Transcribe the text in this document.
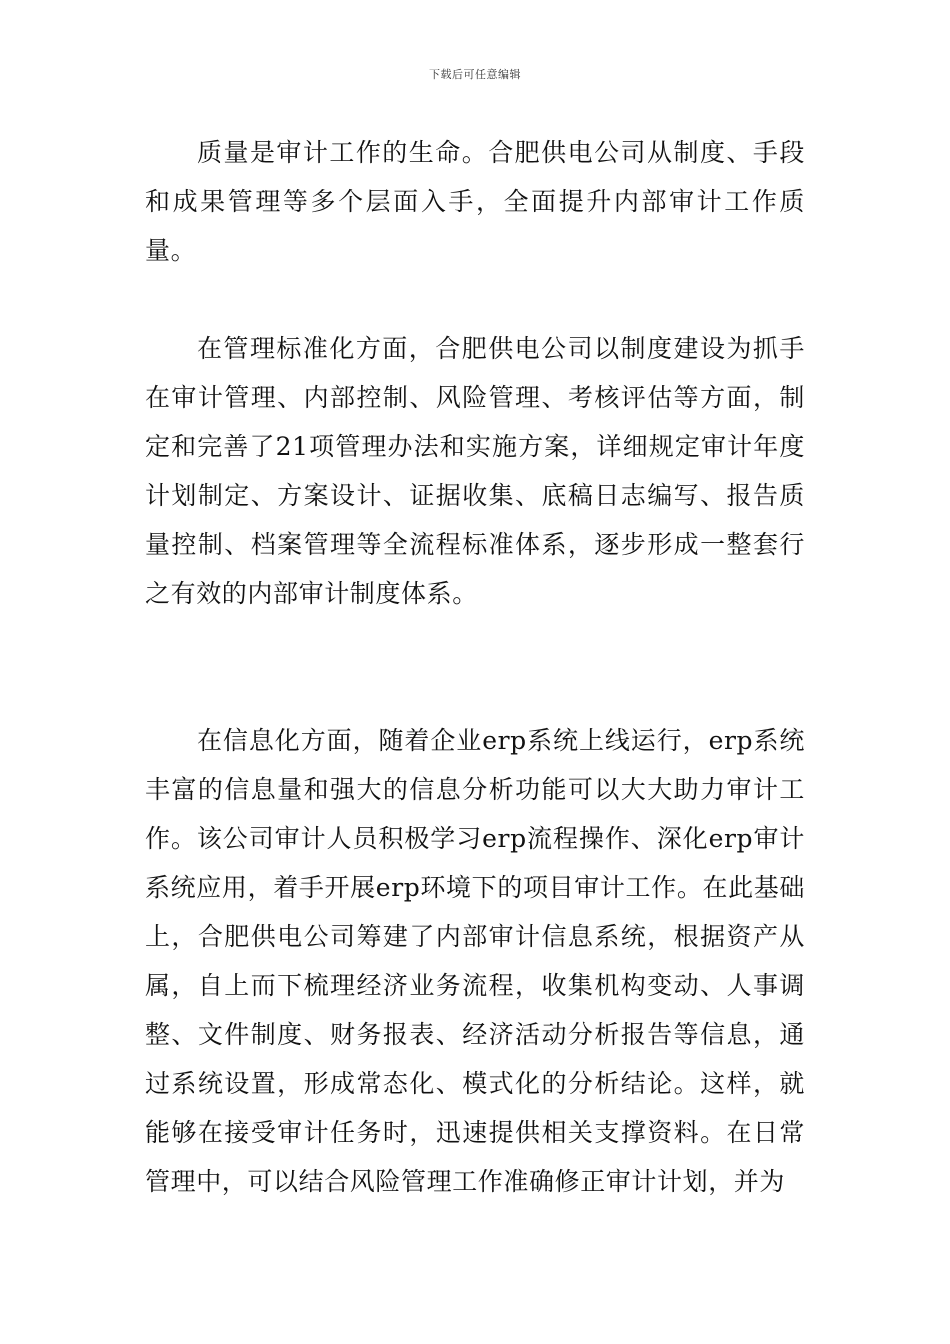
下载后可任意编辑

质量是审计工作的生命。合肥供电公司从制度、手段和成果管理等多个层面入手，全面提升内部审计工作质量。

在管理标准化方面，合肥供电公司以制度建设为抓手在审计管理、内部控制、风险管理、考核评估等方面，制定和完善了21项管理办法和实施方案，详细规定审计年度计划制定、方案设计、证据收集、底稿日志编写、报告质量控制、档案管理等全流程标准体系，逐步形成一整套行之有效的内部审计制度体系。

在信息化方面，随着企业erp系统上线运行，erp系统丰富的信息量和强大的信息分析功能可以大大助力审计工作。该公司审计人员积极学习erp流程操作、深化erp审计系统应用，着手开展erp环境下的项目审计工作。在此基础上，合肥供电公司筹建了内部审计信息系统，根据资产从属，自上而下梳理经济业务流程，收集机构变动、人事调整、文件制度、财务报表、经济活动分析报告等信息，通过系统设置，形成常态化、模式化的分析结论。这样，就能够在接受审计任务时，迅速提供相关支撑资料。在日常管理中，可以结合风险管理工作准确修正审计计划，并为
